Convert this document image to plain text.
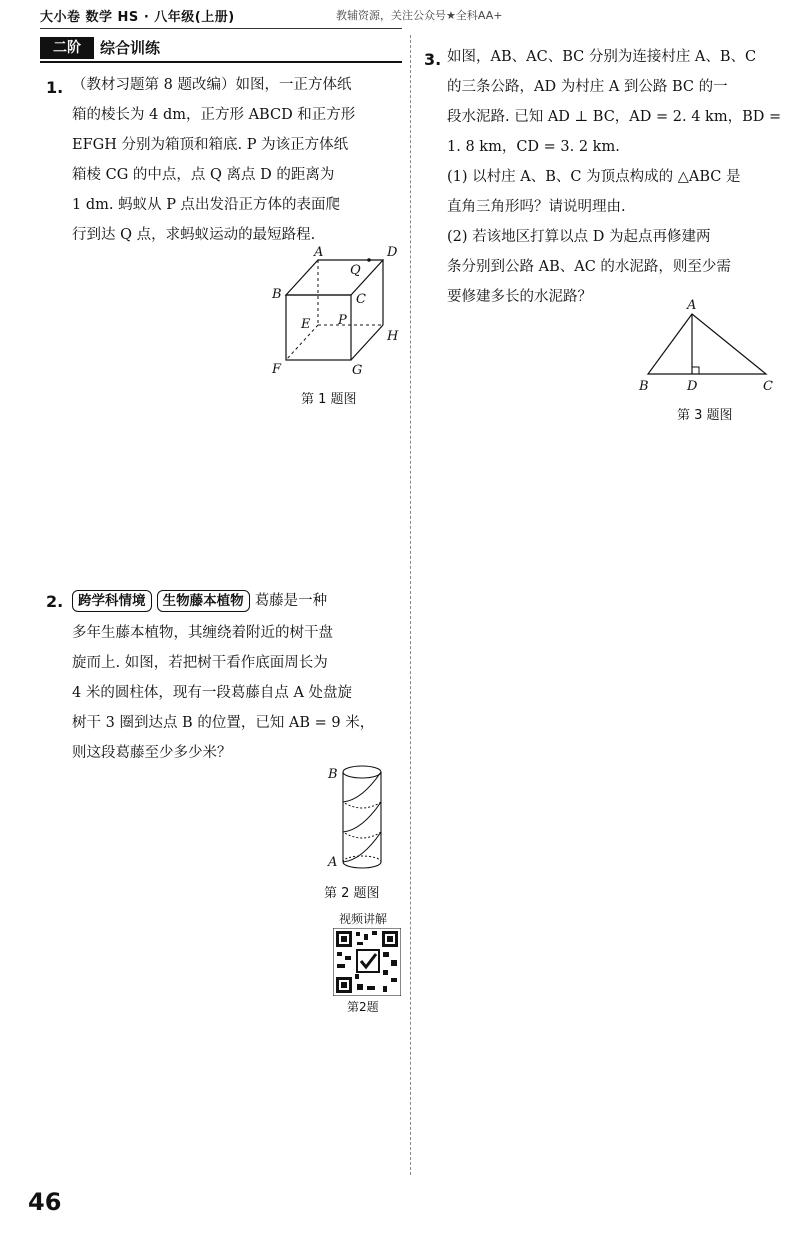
大小卷 数学 HS · 八年级(上册)	教辅资源，关注公众号★全科AA+
二阶	综合训练
1. （教材习题第 8 题改编）如图，一正方体纸
箱的棱长为 4 dm，正方形 ABCD 和正方形
EFGH 分别为箱顶和箱底. P 为该正方体纸
箱棱 CG 的中点，点 Q 离点 D 的距离为
1 dm. 蚂蚁从 P 点出发沿正方体的表面爬
行到达 Q 点，求蚂蚁运动的最短路程.
A	D
Q
B	C
E P
H
F	G
第 1 题图
2.	跨学科情境 生物藤本植物 葛藤是一种
多年生藤本植物，其缠绕着附近的树干盘
旋而上. 如图，若把树干看作底面周长为
4 米的圆柱体，现有一段葛藤自点 A 处盘旋
树干 3 圈到达点 B 的位置，已知 AB = 9 米，
则这段葛藤至少多少米？
B
A
第 2 题图
视频讲解
第2题
3. 如图，AB、AC、BC 分别为连接村庄 A、B、C
的三条公路，AD 为村庄 A 到公路 BC 的一
段水泥路. 已知 AD ⊥ BC，AD = 2. 4 km，BD =
1. 8 km，CD = 3. 2 km.
(1) 以村庄 A、B、C 为顶点构成的 △ABC 是
直角三角形吗？请说明理由.
(2) 若该地区打算以点 D 为起点再修建两
条分别到公路 AB、AC 的水泥路，则至少需
要修建多长的水泥路？
A
B	D	C
第 3 题图
46
